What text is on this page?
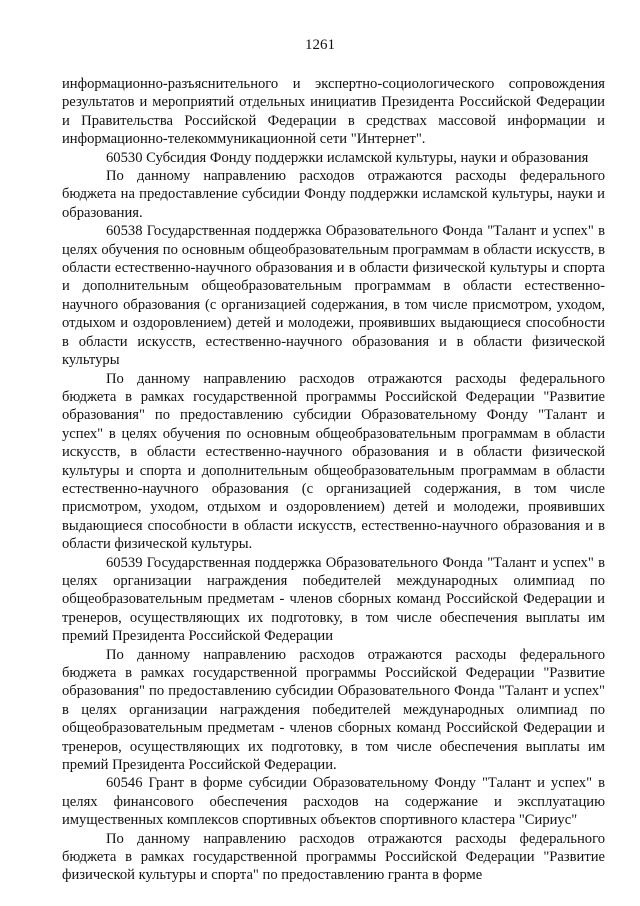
1261

информационно-разъяснительного и экспертно-социологического сопровождения результатов и мероприятий отдельных инициатив Президента Российской Федерации и Правительства Российской Федерации в средствах массовой информации и информационно-телекоммуникационной сети "Интернет".

60530 Субсидия Фонду поддержки исламской культуры, науки и образования

По данному направлению расходов отражаются расходы федерального бюджета на предоставление субсидии Фонду поддержки исламской культуры, науки и образования.

60538 Государственная поддержка Образовательного Фонда "Талант и успех" в целях обучения по основным общеобразовательным программам в области искусств, в области естественно-научного образования и в области физической культуры и спорта и дополнительным общеобразовательным программам в области естественно-научного образования (с организацией содержания, в том числе присмотром, уходом, отдыхом и оздоровлением) детей и молодежи, проявивших выдающиеся способности в области искусств, естественно-научного образования и в области физической культуры

По данному направлению расходов отражаются расходы федерального бюджета в рамках государственной программы Российской Федерации "Развитие образования" по предоставлению субсидии Образовательному Фонду "Талант и успех" в целях обучения по основным общеобразовательным программам в области искусств, в области естественно-научного образования и в области физической культуры и спорта и дополнительным общеобразовательным программам в области естественно-научного образования (с организацией содержания, в том числе присмотром, уходом, отдыхом и оздоровлением) детей и молодежи, проявивших выдающиеся способности в области искусств, естественно-научного образования и в области физической культуры.

60539 Государственная поддержка Образовательного Фонда "Талант и успех" в целях организации награждения победителей международных олимпиад по общеобразовательным предметам - членов сборных команд Российской Федерации и тренеров, осуществляющих их подготовку, в том числе обеспечения выплаты им премий Президента Российской Федерации

По данному направлению расходов отражаются расходы федерального бюджета в рамках государственной программы Российской Федерации "Развитие образования" по предоставлению субсидии Образовательного Фонда "Талант и успех" в целях организации награждения победителей международных олимпиад по общеобразовательным предметам - членов сборных команд Российской Федерации и тренеров, осуществляющих их подготовку, в том числе обеспечения выплаты им премий Президента Российской Федерации.

60546 Грант в форме субсидии Образовательному Фонду "Талант и успех" в целях финансового обеспечения расходов на содержание и эксплуатацию имущественных комплексов спортивных объектов спортивного кластера "Сириус"

По данному направлению расходов отражаются расходы федерального бюджета в рамках государственной программы Российской Федерации "Развитие физической культуры и спорта" по предоставлению гранта в форме
